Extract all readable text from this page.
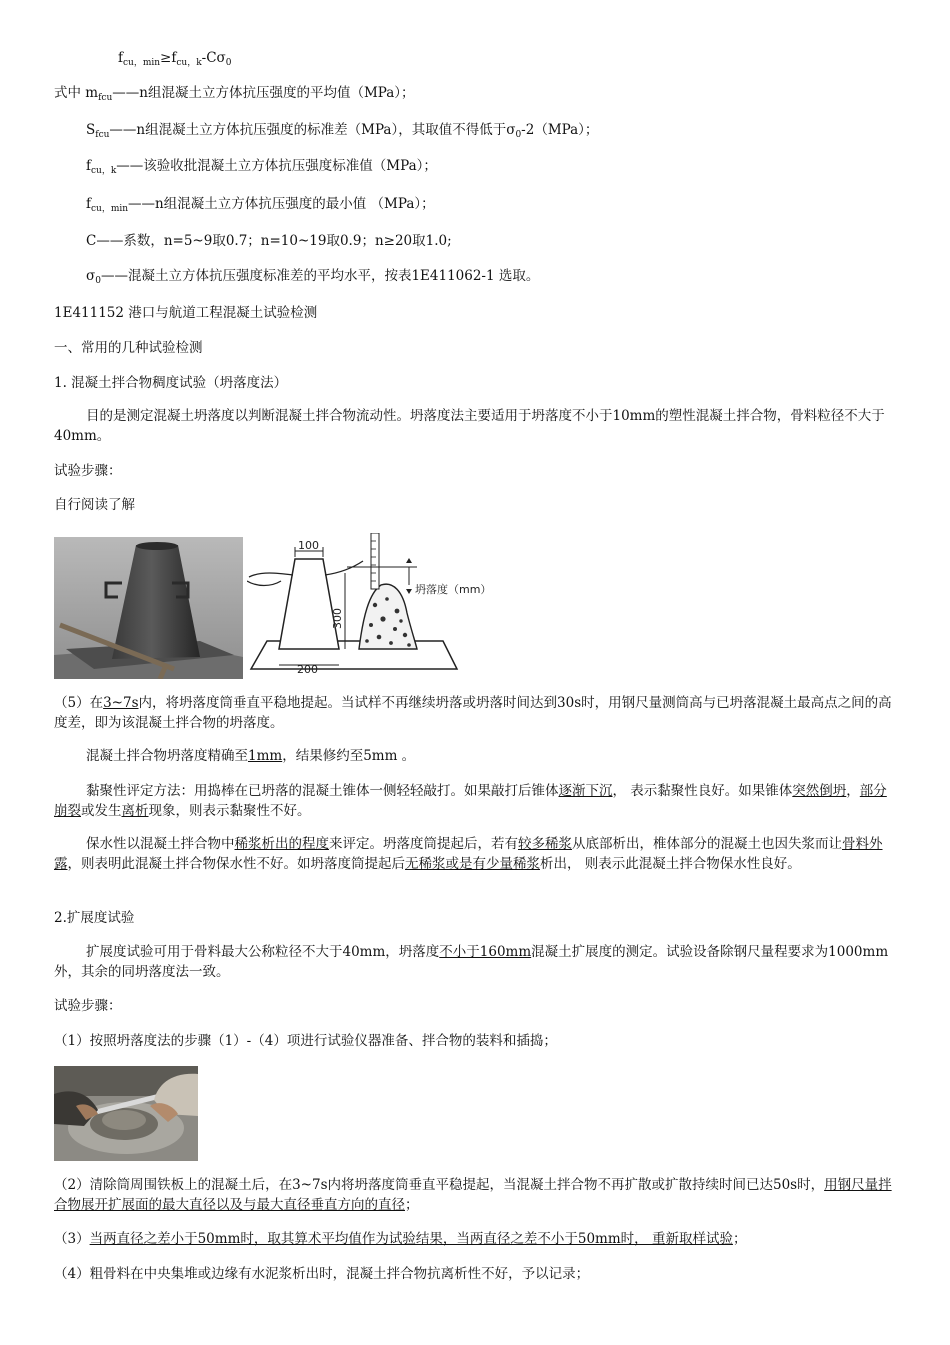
$f_{cu,min}\ge f_{cu,k}-C\sigma_0$
式中 $m_{fcu}——n$组混凝土立方体抗压强度的平均值（MPa）；
$S_{fcu}——n$组混凝土立方体抗压强度的标准差（MPa），其取值不得低于$\sigma_0-2(MPa)$；
$f_{cu,k}——$该验收批混凝土立方体抗压强度标准值（MPa）；
$f_{cu,min}——n$组混凝土立方体抗压强度的最小值 （MPa）；
C——系数，n=5~9取0.7；n=10~19取0.9；n≥20取1.0;
$\sigma_0——$混凝土立方体抗压强度标准差的平均水平，按表1E411062-1 选取。
1E411152 港口与航道工程混凝土试验检测
一、常用的几种试验检测
1. 混凝土拌合物稠度试验（坍落度法）
目的是测定混凝土坍落度以判断混凝土拌合物流动性。坍落度法主要适用于坍落度不小于10mm的塑性混凝土拌合物，骨料粒径不大于40mm。
试验步骤：
自行阅读了解
100
300
200
坍落度（mm）
（5）在3~7s内，将坍落度筒垂直平稳地提起。当试样不再继续坍落或坍落时间达到30s时，用钢尺量测筒高与已坍落混凝土最高点之间的高度差，即为该混凝土拌合物的坍落度。
混凝土拌合物坍落度精确至1mm，结果修约至5mm 。
黏聚性评定方法：用捣棒在已坍落的混凝土锥体一侧轻轻敲打。如果敲打后锥体逐渐下沉， 表示黏聚性良好。如果锥体突然倒坍，部分崩裂或发生离析现象，则表示黏聚性不好。
保水性以混凝土拌合物中稀浆析出的程度来评定。坍落度筒提起后，若有较多稀浆从底部析出，椎体部分的混凝土也因失浆而让骨料外露，则表明此混凝土拌合物保水性不好。如坍落度筒提起后无稀浆或是有少量稀浆析出， 则表示此混凝土拌合物保水性良好。
2.扩展度试验
扩展度试验可用于骨料最大公称粒径不大于40mm，坍落度不小于160mm混凝土扩展度的测定。试验设备除钢尺量程要求为1000mm外，其余的同坍落度法一致。
试验步骤：
（1）按照坍落度法的步骤（1）-（4）项进行试验仪器准备、拌合物的装料和插捣；
（2）清除筒周围铁板上的混凝土后，在3~7s内将坍落度筒垂直平稳提起，当混凝土拌合物不再扩散或扩散持续时间已达50s时，用钢尺量拌合物展开扩展面的最大直径以及与最大直径垂直方向的直径；
（3）当两直径之差小于50mm时，取其算术平均值作为试验结果，当两直径之差不小于50mm时， 重新取样试验；
（4）粗骨料在中央集堆或边缘有水泥浆析出时，混凝土拌合物抗离析性不好，予以记录；
